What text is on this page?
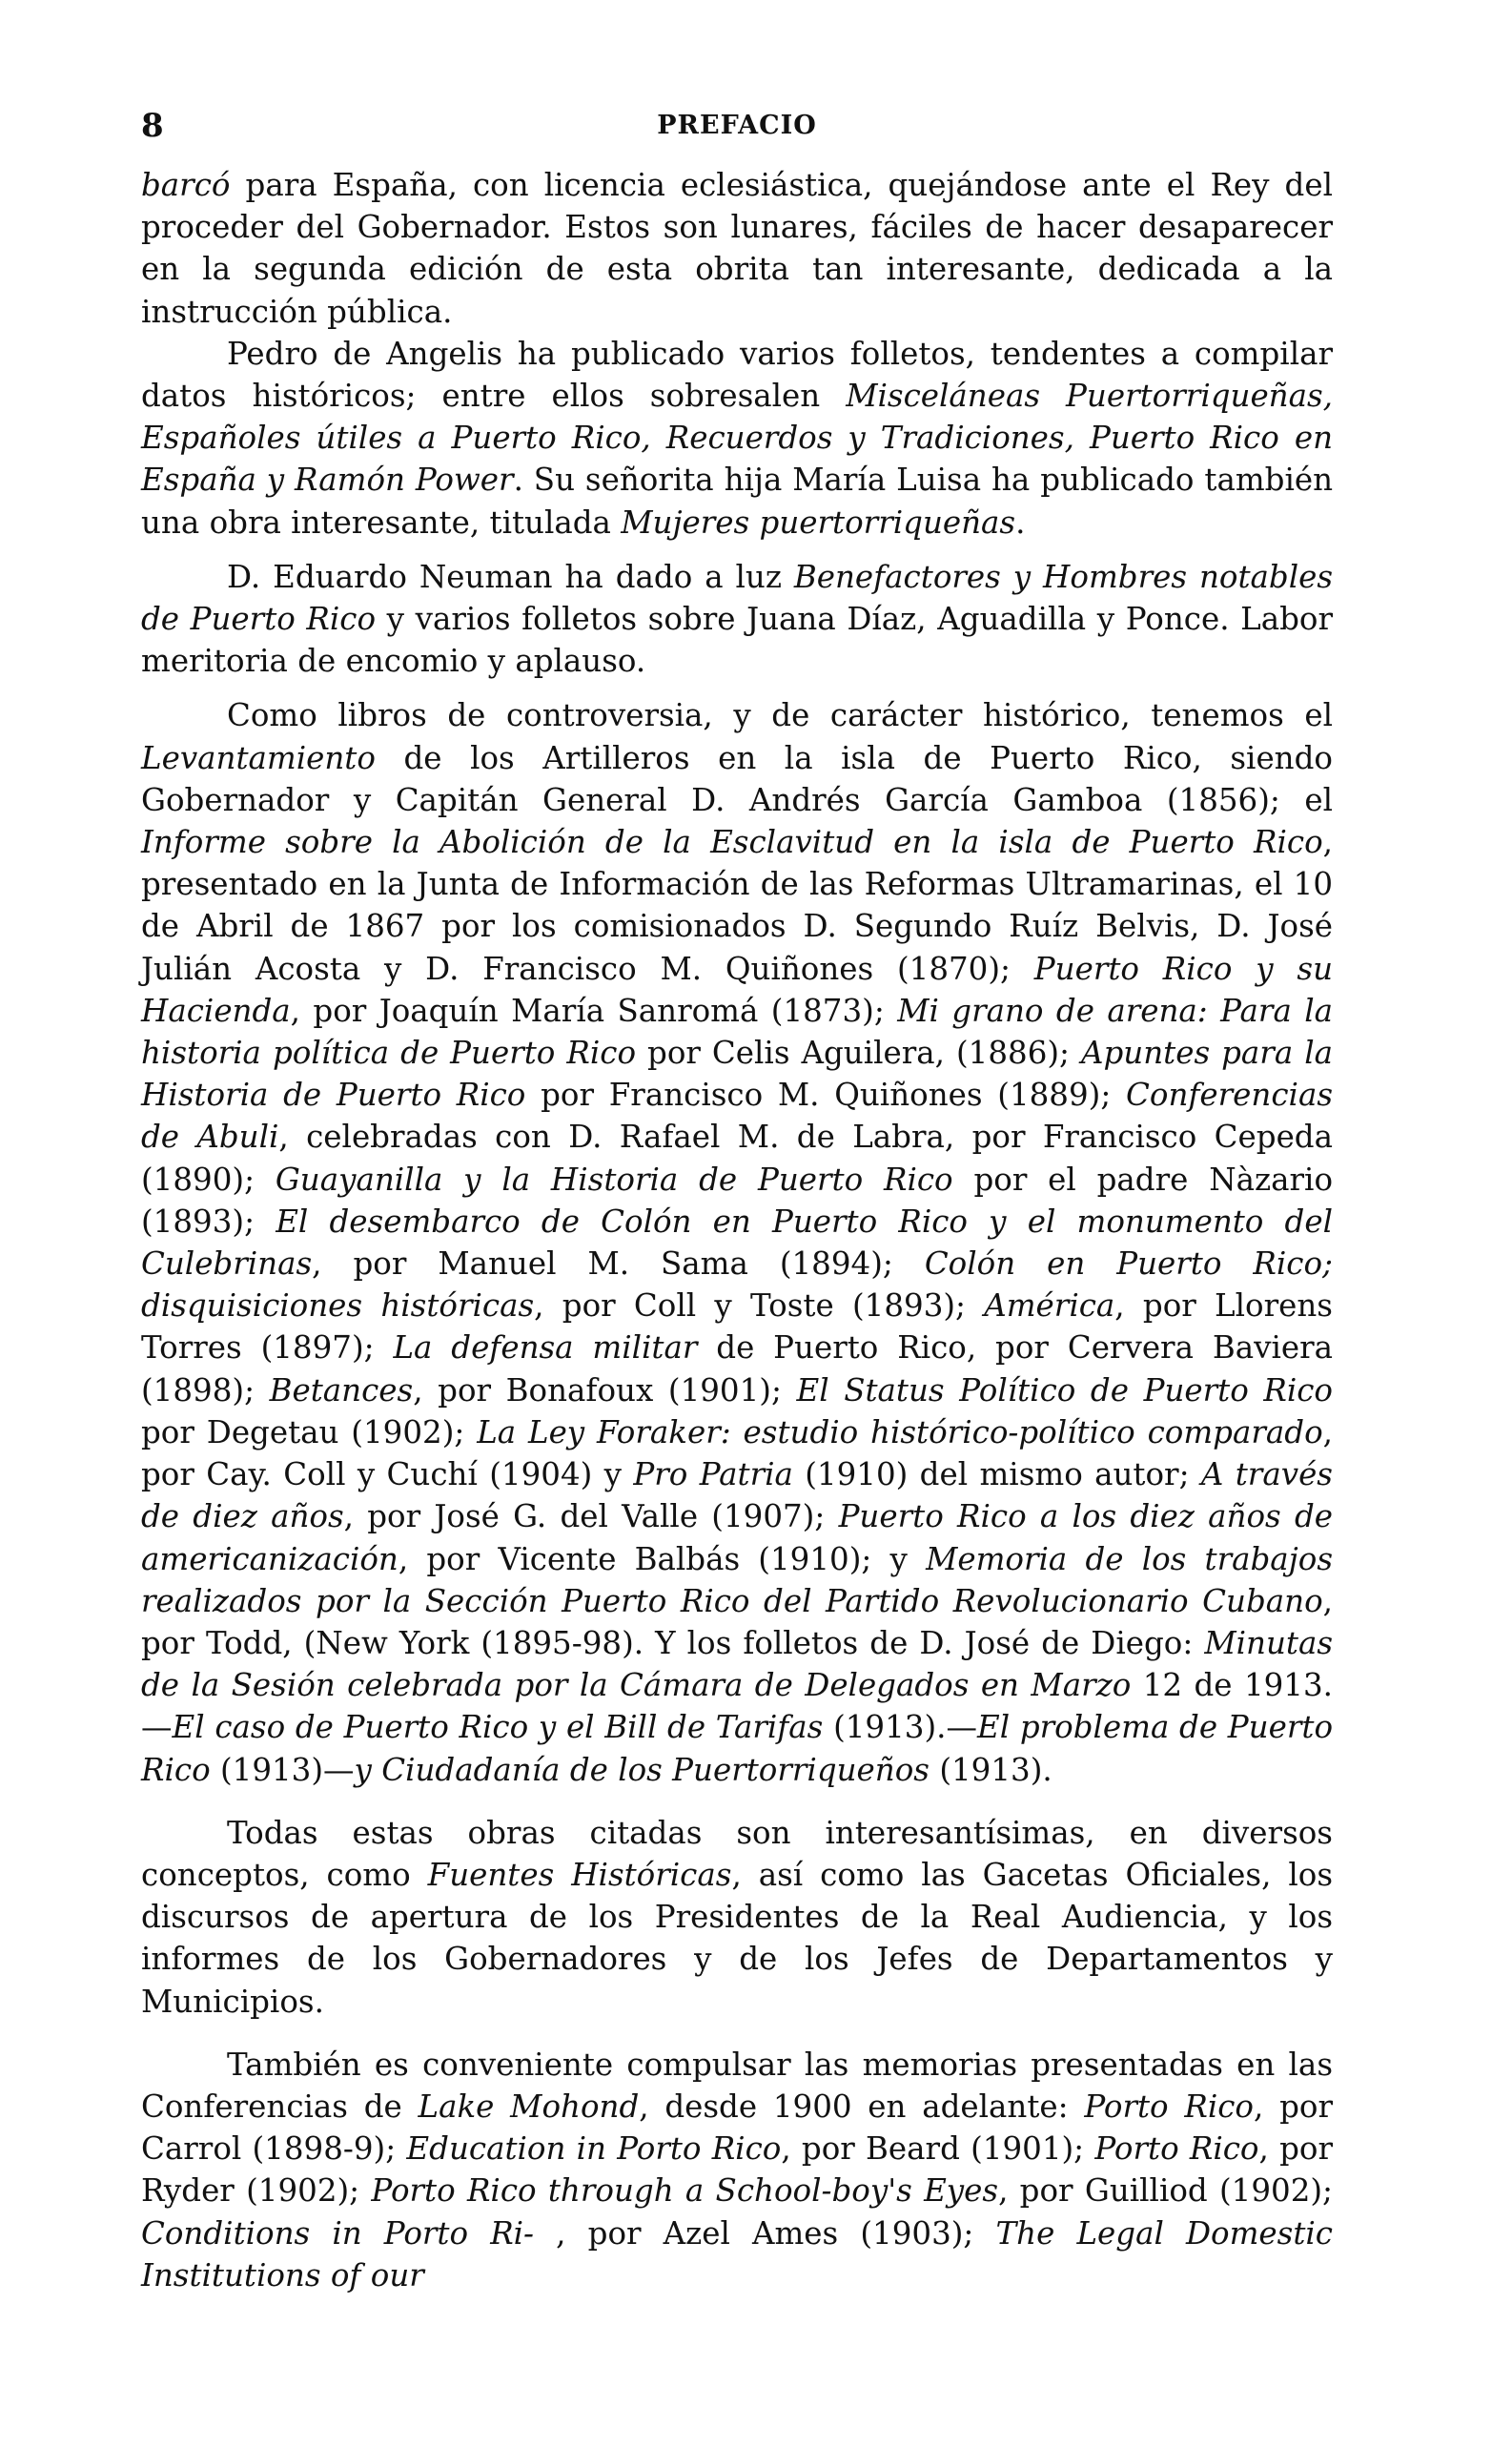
8	PREFACIO

barcó para España, con licencia eclesiástica, quejándose ante el Rey del proceder del Gobernador. Estos son lunares, fáciles de hacer desaparecer en la segunda edición de esta obrita tan interesante, dedicada a la instrucción pública.

Pedro de Angelis ha publicado varios folletos, tendentes a compilar datos históricos; entre ellos sobresalen Misceláneas Puertorriqueñas, Españoles útiles a Puerto Rico, Recuerdos y Tradiciones, Puerto Rico en España y Ramón Power. Su señorita hija María Luisa ha publicado también una obra interesante, titulada Mujeres puertorriqueñas.

D. Eduardo Neuman ha dado a luz Benefactores y Hombres notables de Puerto Rico y varios folletos sobre Juana Díaz, Aguadilla y Ponce. Labor meritoria de encomio y aplauso.

Como libros de controversia, y de carácter histórico, tenemos el Levantamiento de los Artilleros en la isla de Puerto Rico, siendo Gobernador y Capitán General D. Andrés García Gamboa (1856); el Informe sobre la Abolición de la Esclavitud en la isla de Puerto Rico, presentado en la Junta de Información de las Reformas Ultramarinas, el 10 de Abril de 1867 por los comisionados D. Segundo Ruíz Belvis, D. José Julián Acosta y D. Francisco M. Quiñones (1870); Puerto Rico y su Hacienda, por Joaquín María Sanromá (1873); Mi grano de arena: Para la historia política de Puerto Rico por Celis Aguilera, (1886); Apuntes para la Historia de Puerto Rico por Francisco M. Quiñones (1889); Conferencias de Abuli, celebradas con D. Rafael M. de Labra, por Francisco Cepeda (1890); Guayanilla y la Historia de Puerto Rico por el padre Nàzario (1893); El desembarco de Colón en Puerto Rico y el monumento del Culebrinas, por Manuel M. Sama (1894); Colón en Puerto Rico; disquisiciones históricas, por Coll y Toste (1893); América, por Llorens Torres (1897); La defensa militar de Puerto Rico, por Cervera Baviera (1898); Betances, por Bonafoux (1901); El Status Político de Puerto Rico por Degetau (1902); La Ley Foraker: estudio histórico-político comparado, por Cay. Coll y Cuchí (1904) y Pro Patria (1910) del mismo autor; A través de diez años, por José G. del Valle (1907); Puerto Rico a los diez años de americanización, por Vicente Balbás (1910); y Memoria de los trabajos realizados por la Sección Puerto Rico del Partido Revolucionario Cubano, por Todd, (New York (1895-98). Y los folletos de D. José de Diego: Minutas de la Sesión celebrada por la Cámara de Delegados en Marzo 12 de 1913.—El caso de Puerto Rico y el Bill de Tarifas (1913).—El problema de Puerto Rico (1913)—y Ciudadanía de los Puertorriqueños (1913).

Todas estas obras citadas son interesantísimas, en diversos conceptos, como Fuentes Históricas, así como las Gacetas Oficiales, los discursos de apertura de los Presidentes de la Real Audiencia, y los informes de los Gobernadores y de los Jefes de Departamentos y Municipios.

También es conveniente compulsar las memorias presentadas en las Conferencias de Lake Mohond, desde 1900 en adelante: Porto Rico, por Carrol (1898-9); Education in Porto Rico, por Beard (1901); Porto Rico, por Ryder (1902); Porto Rico through a School-boy's Eyes, por Guilliod (1902); Conditions in Porto Ri- , por Azel Ames (1903); The Legal Domestic Institutions of our
